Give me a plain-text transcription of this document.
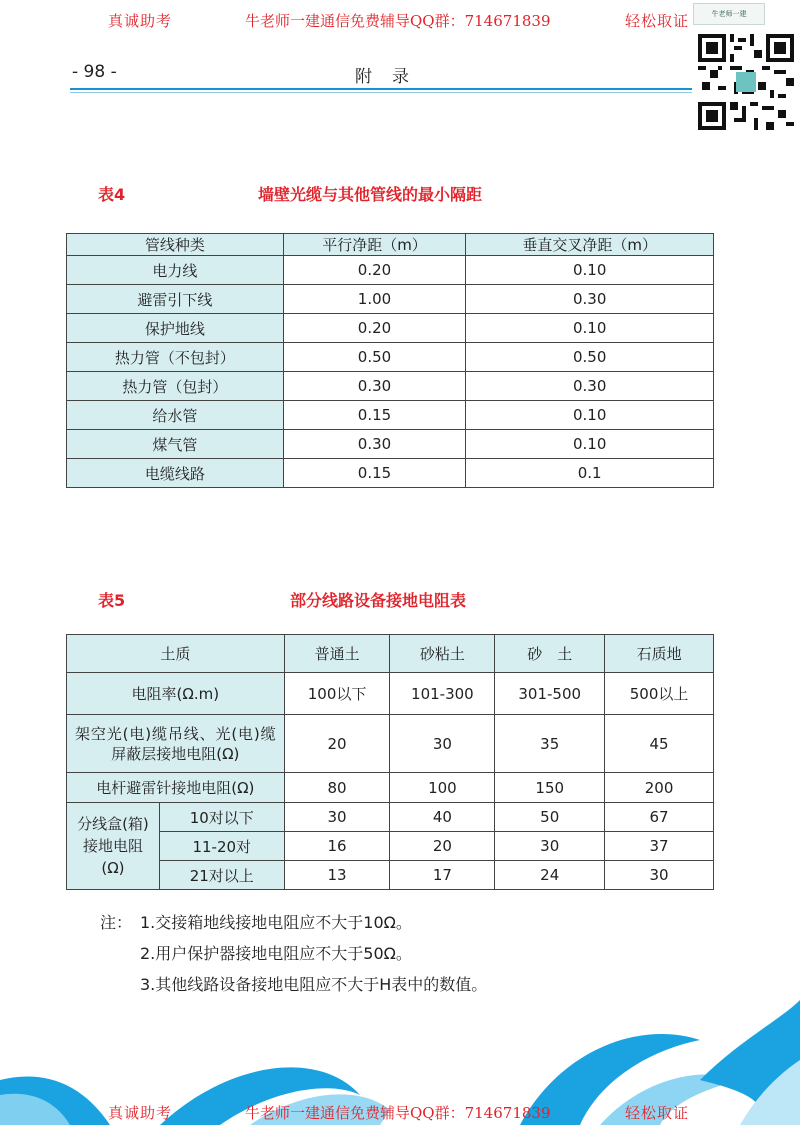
真诚助考	牛老师一建通信免费辅导QQ群：714671839	轻松取证	牛老师一建
- 98 -	附录
表4	墙壁光缆与其他管线的最小隔距
管线种类	平行净距（m）	垂直交叉净距（m）
电力线	0.20	0.10
避雷引下线	1.00	0.30
保护地线	0.20	0.10
热力管（不包封）	0.50	0.50
热力管（包封）	0.30	0.30
给水管	0.15	0.10
煤气管	0.30	0.10
电缆线路	0.15	0.1
表5	部分线路设备接地电阻表
土质		普通土	砂粘土	砂　土	石质地
电阻率(Ω.m)		100以下	101-300	301-500	500以上
架空光(电)缆吊线、光(电)缆屏蔽层接地电阻(Ω)		20	30	35	45
电杆避雷针接地电阻(Ω)		80	100	150	200
分线盒(箱)接地电阻(Ω)	10对以下	30	40	50	67
	11-20对	16	20	30	37
	21对以上	13	17	24	30
注： 1.交接箱地线接地电阻应不大于10Ω。
2.用户保护器接地电阻应不大于50Ω。
3.其他线路设备接地电阻应不大于H表中的数值。
真诚助考	牛老师一建通信免费辅导QQ群：714671839	轻松取证
